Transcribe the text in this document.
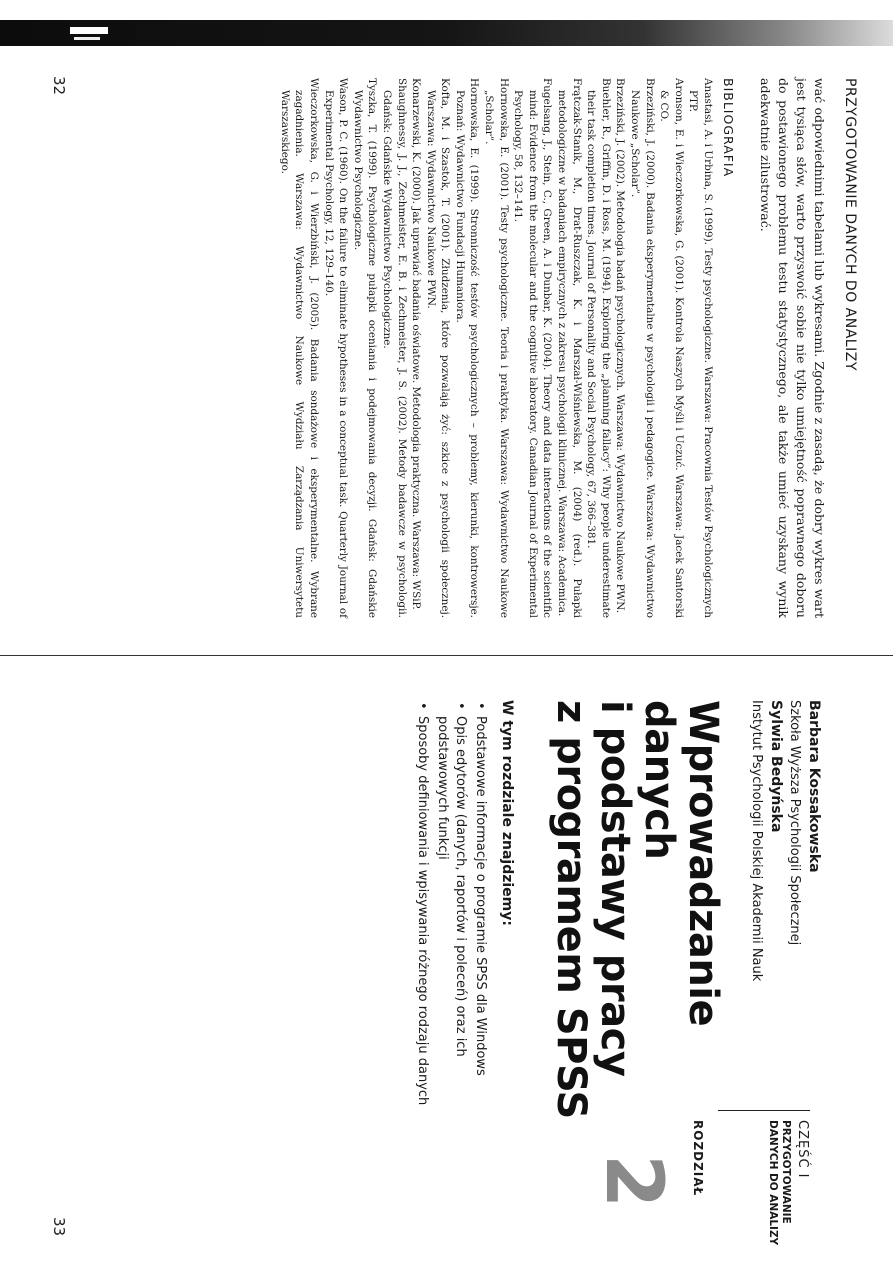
32
33
PRZYGOTOWANIE DANYCH DO ANALIZY
wać odpowiednimi tabelami lub wykresami. Zgodnie z zasadą, że dobry wykres wart jest tysiąca słów, warto przyswoić sobie nie tylko umiejętność poprawnego doboru do postawionego problemu testu statystycznego, ale także umieć uzyskany wynik adekwatnie zilustrować.
BIBLIOGRAFIA
Anastasi, A. i Urbina, S. (1999). Testy psychologiczne. Warszawa: Pracownia Testów Psychologicznych PTP.
Aronson, E. i Wieczorkowska, G. (2001). Kontrola Naszych Myśli i Uczuć. Warszawa: Jacek Santorski & CO.
Brzeziński, J. (2000). Badania eksperymentalne w psychologii i pedagogice. Warszawa: Wydawnictwo Naukowe „Scholar”.
Brzeziński, J. (2002). Metodologia badań psychologicznych. Warszawa: Wydawnictwo Naukowe PWN.
Buehler, R., Griffin, D. i Ross, M. (1994). Exploring the „planning fallacy”: Why people underestimate their task completion times. Journal of Personality and Social Psychology, 67, 366–381.
Frątczak-Stanik, M., Drat-Ruszczak, K. i Marszał-Wiśniewska, M. (2004) (red.). Pułapki metodologiczne w badaniach empirycznych z zakresu psychologii klinicznej. Warszawa: Academica.
Fugelsang, J., Stein, C., Green, A. i Dunbar, K. (2004). Theory and data interactions of the scientific mind: Evidence from the molecular and the cognitive laboratory. Canadian Journal of Experimental Psychology, 58, 132–141.
Hornowska, E. (2001). Testy psychologiczne. Teoria i praktyka. Warszawa: Wydawnictwo Naukowe „Scholar”.
Hornowska, E. (1999). Stronniczość testów psychologicznych – problemy, kierunki, kontrowersje. Poznań: Wydawnictwo Fundacji Humaniora.
Kofta, M. i Szastok, T. (2001). Złudzenia, które pozwalają żyć: szkice z psychologii społecznej. Warszawa: Wydawnictwo Naukowe PWN.
Konarzewski, K. (2000). Jak uprawiać badania oświatowe. Metodologia praktyczna. Warszawa: WSiP.
Shaughnessy, J. J., Zechmeister, E. B. i Zechmeister, J. S. (2002). Metody badawcze w psychologii. Gdańsk: Gdańskie Wydawnictwo Psychologiczne.
Tyszka, T. (1999). Psychologiczne pułapki oceniania i podejmowania decyzji. Gdańsk: Gdańskie Wydawnictwo Psychologiczne.
Wason, P. C. (1960). On the failure to eliminate hypotheses in a conceptual task. Quarterly Journal of Experimental Psychology, 12, 129–140.
Wieczorkowska, G. i Wierzbiński, J. (2005). Badania sondażowe i eksperymentalne. Wybrane zagadnienia. Warszawa: Wydawnictwo Naukowe Wydziału Zarządzania Uniwersytetu Warszawskiego.
Barbara Kossakowska
Szkoła Wyższa Psychologii Społecznej
Sylwia Bedyńska
Instytut Psychologii Polskiej Akademii Nauk
Wprowadzanie danych
i podstawy pracy
z programem SPSS
W tym rozdziale znajdziemy:
• Podstawowe informacje o programie SPSS dla Windows
• Opis edytorów (danych, raportów i poleceń) oraz ich podstawowych funkcji
• Sposoby definiowania i wpisywania różnego rodzaju danych
CZĘŚĆ I
PRZYGOTOWANIE DANYCH DO ANALIZY
ROZDZIAŁ
2
